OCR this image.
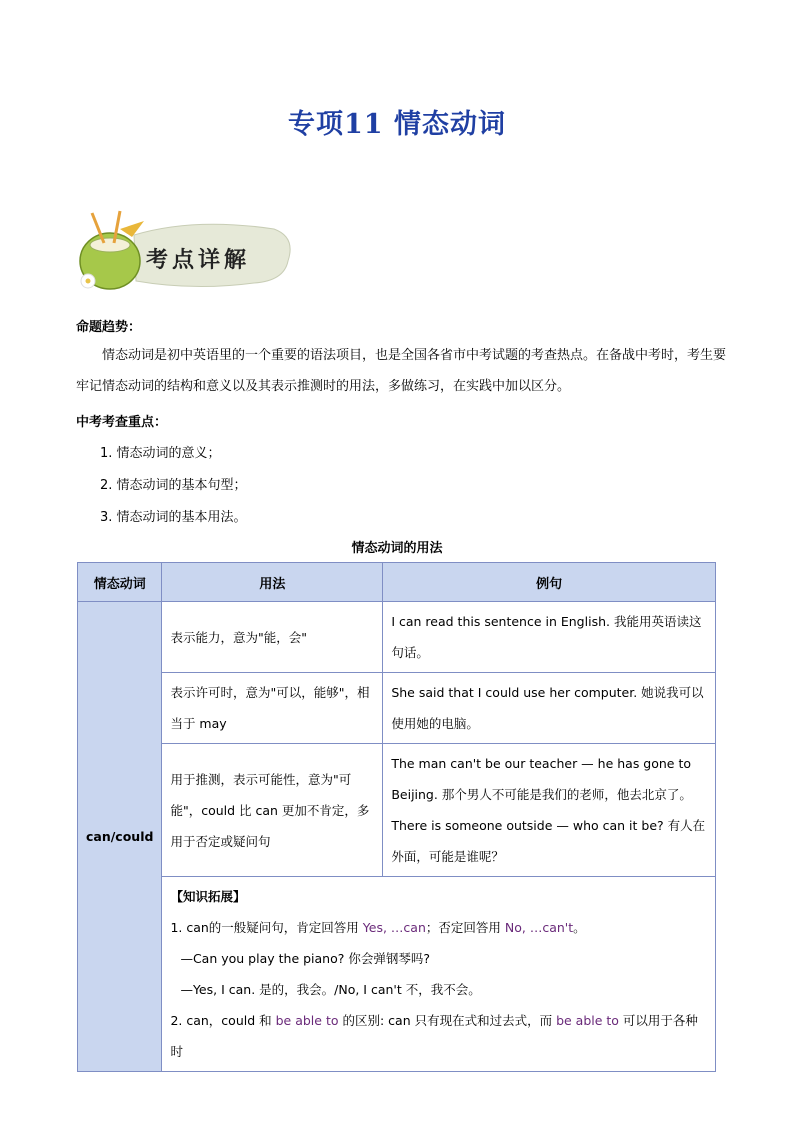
专项11 情态动词
考点详解
命题趋势：
情态动词是初中英语里的一个重要的语法项目，也是全国各省市中考试题的考查热点。在备战中考时，考生要牢记情态动词的结构和意义以及其表示推测时的用法，多做练习，在实践中加以区分。
中考考查重点：
1. 情态动词的意义；
2. 情态动词的基本句型；
3. 情态动词的基本用法。
情态动词的用法
情态动词	用法	例句
can/could	表示能力，意为"能，会"	I can read this sentence in English. 我能用英语读这句话。

	表示许可时，意为"可以，能够"，相当于 may	She said that I could use her computer. 她说我可以使用她的电脑。

	用于推测，表示可能性，意为"可能"，could 比 can 更加不肯定，多用于否定或疑问句	The man can't be our teacher — he has gone to Beijing. 那个男人不可能是我们的老师，他去北京了。
There is someone outside — who can it be? 有人在外面，可能是谁呢？

	【知识拓展】
1. can的一般疑问句，肯定回答用 Yes, …can；否定回答用 No, …can't。
—Can you play the piano? 你会弹钢琴吗?
—Yes, I can. 是的，我会。/No, I can't 不，我不会。
2. can，could 和 be able to 的区别: can 只有现在式和过去式，而 be able to 可以用于各种时	
